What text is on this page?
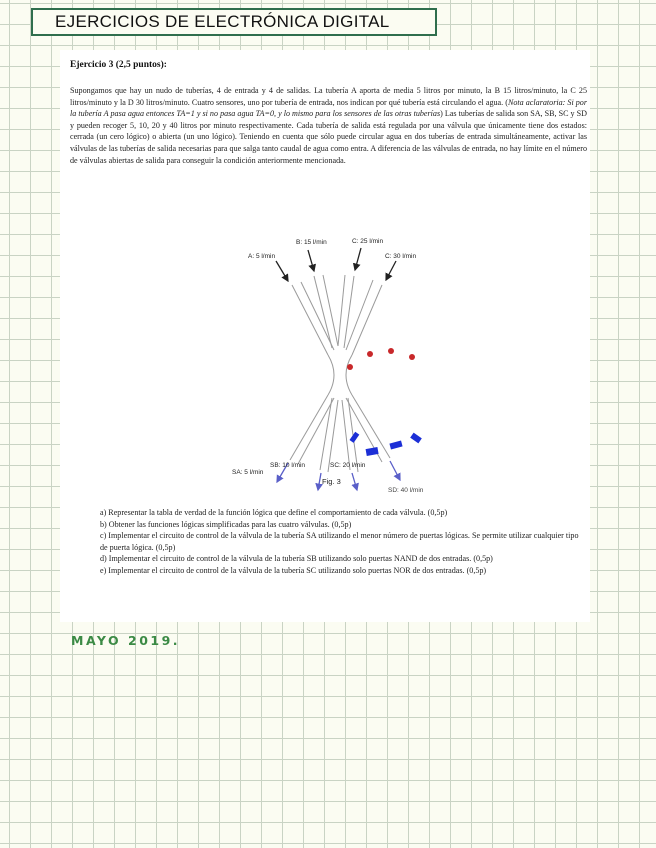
EJERCICIOS DE ELECTRÓNICA DIGITAL
Ejercicio 3 (2,5 puntos):
Supongamos que hay un nudo de tuberías, 4 de entrada y 4 de salidas. La tubería A aporta de media 5 litros por minuto, la B 15 litros/minuto, la C 25 litros/minuto y la D 30 litros/minuto. Cuatro sensores, uno por tubería de entrada, nos indican por qué tubería está circulando el agua. (Nota aclaratoria: Si por la tubería A pasa agua entonces TA=1 y si no pasa agua TA=0, y lo mismo para los sensores de las otras tuberías) Las tuberías de salida son SA, SB, SC y SD y pueden recoger 5, 10, 20 y 40 litros por minuto respectivamente. Cada tubería de salida está regulada por una válvula que únicamente tiene dos estados: cerrada (un cero lógico) o abierta (un uno lógico). Teniendo en cuenta que sólo puede circular agua en dos tuberías de entrada simultáneamente, activar las válvulas de las tuberías de salida necesarias para que salga tanto caudal de agua como entra. A diferencia de las válvulas de entrada, no hay límite en el número de válvulas abiertas de salida para conseguir la condición anteriormente mencionada.
A: 5 l/min
B: 15 l/min	C: 25 l/min
C: 30 l/min
SA: 5 l/min
SD: 40 l/min
SB: 10 l/min	SC: 20 l/min
Fig. 3
a) Representar la tabla de verdad de la función lógica que define el comportamiento de cada válvula. (0,5p)
b) Obtener las funciones lógicas simplificadas para las cuatro válvulas. (0,5p)
c) Implementar el circuito de control de la válvula de la tubería SA utilizando el menor número de puertas lógicas. Se permite utilizar cualquier tipo de puerta lógica. (0,5p)
d) Implementar el circuito de control de la válvula de la tubería SB utilizando solo puertas NAND de dos entradas. (0,5p)
e) Implementar el circuito de control de la válvula de la tubería SC utilizando solo puertas NOR de dos entradas. (0,5p)
MAYO 2019.
